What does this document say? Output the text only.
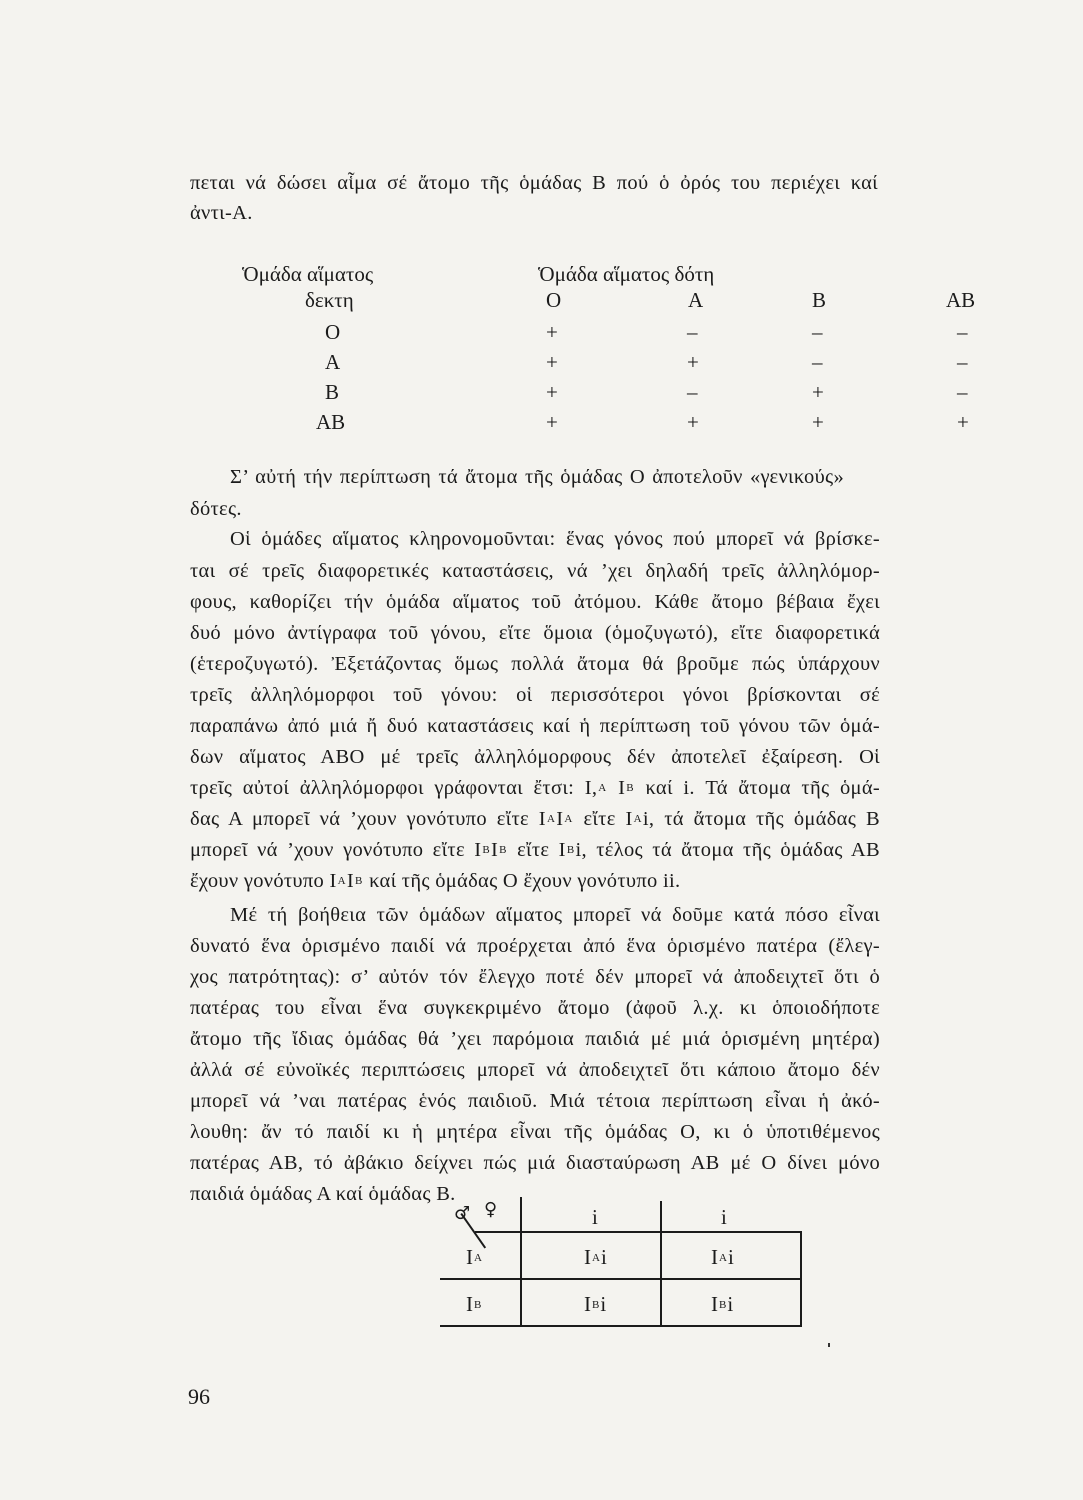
πεται νά δώσει αἷμα σέ ἄτομο τῆς ὁμάδας Β πού ὁ ὀρός του περιέχει καί
ἀντι-Α.
Ὁμάδα αἵματος
δεκτη
Ὁμάδα αἵματος δότη
O	A	B	AB
O	+	–	–	–
A	+	+	–	–
B	+	–	+	–
AB	+	+	+	+
Σ’ αὐτή τήν περίπτωση τά ἄτομα τῆς ὁμάδας Ο ἀποτελοῦν «γενικούς»
δότες.
Οἱ ὁμάδες αἵματος κληρονομοῦνται: ἕνας γόνος πού μπορεῖ νά βρίσκε-
ται σέ τρεῖς διαφορετικές καταστάσεις, νά ’χει δηλαδή τρεῖς ἀλληλόμορ-
φους, καθορίζει τήν ὁμάδα αἵματος τοῦ ἀτόμου. Κάθε ἄτομο βέβαια ἔχει
δυό μόνο ἀντίγραφα τοῦ γόνου, εἴτε ὅμοια (ὁμοζυγωτό), εἴτε διαφορετικά
(ἑτεροζυγωτό). Ἐξετάζοντας ὅμως πολλά ἄτομα θά βροῦμε πώς ὑπάρχουν
τρεῖς ἀλληλόμορφοι τοῦ γόνου: οἱ περισσότεροι γόνοι βρίσκονται σέ
παραπάνω ἀπό μιά ἤ δυό καταστάσεις καί ἡ περίπτωση τοῦ γόνου τῶν ὁμά-
δων αἵματος ΑΒΟ μέ τρεῖς ἀλληλόμορφους δέν ἀποτελεῖ ἐξαίρεση. Οἱ
τρεῖς αὐτοί ἀλληλόμορφοι γράφονται ἔτσι: I,$^A$ $I^B$ καί i. Τά ἄτομα τῆς ὁμά-
δας Α μπορεῖ νά ’χουν γονότυπο εἴτε $I^AI^A$ εἴτε $I^Ai$, τά ἄτομα τῆς ὁμάδας Β
μπορεῖ νά ’χουν γονότυπο εἴτε $I^BI^B$ εἴτε $I^Bi$, τέλος τά ἄτομα τῆς ὁμάδας ΑΒ
ἔχουν γονότυπο $I^AI^B$ καί τῆς ὁμάδας Ο ἔχουν γονότυπο ii.
Μέ τή βοήθεια τῶν ὁμάδων αἵματος μπορεῖ νά δοῦμε κατά πόσο εἶναι
δυνατό ἕνα ὁρισμένο παιδί νά προέρχεται ἀπό ἕνα ὁρισμένο πατέρα (ἔλεγ-
χος πατρότητας): σ’ αὐτόν τόν ἔλεγχο ποτέ δέν μπορεῖ νά ἀποδειχτεῖ ὅτι ὁ
πατέρας του εἶναι ἕνα συγκεκριμένο ἄτομο (ἀφοῦ λ.χ. κι ὁποιοδήποτε
ἄτομο τῆς ἴδιας ὁμάδας θά ’χει παρόμοια παιδιά μέ μιά ὁρισμένη μητέρα)
ἀλλά σέ εὐνοϊκές περιπτώσεις μπορεῖ νά ἀποδειχτεῖ ὅτι κάποιο ἄτομο δέν
μπορεῖ νά ’ναι πατέρας ἑνός παιδιοῦ. Μιά τέτοια περίπτωση εἶναι ἡ ἀκό-
λουθη: ἄν τό παιδί κι ἡ μητέρα εἶναι τῆς ὁμάδας Ο, κι ὁ ὑποτιθέμενος
πατέρας ΑΒ, τό ἀβάκιο δείχνει πώς μιά διασταύρωση ΑΒ μέ Ο δίνει μόνο
παιδιά ὁμάδας Α καί ὁμάδας Β.
♂ ♀	i	i
$I^A$	$I^Ai$	$I^Ai$
$I^B$	$I^Bi$	$I^Bi$
96
